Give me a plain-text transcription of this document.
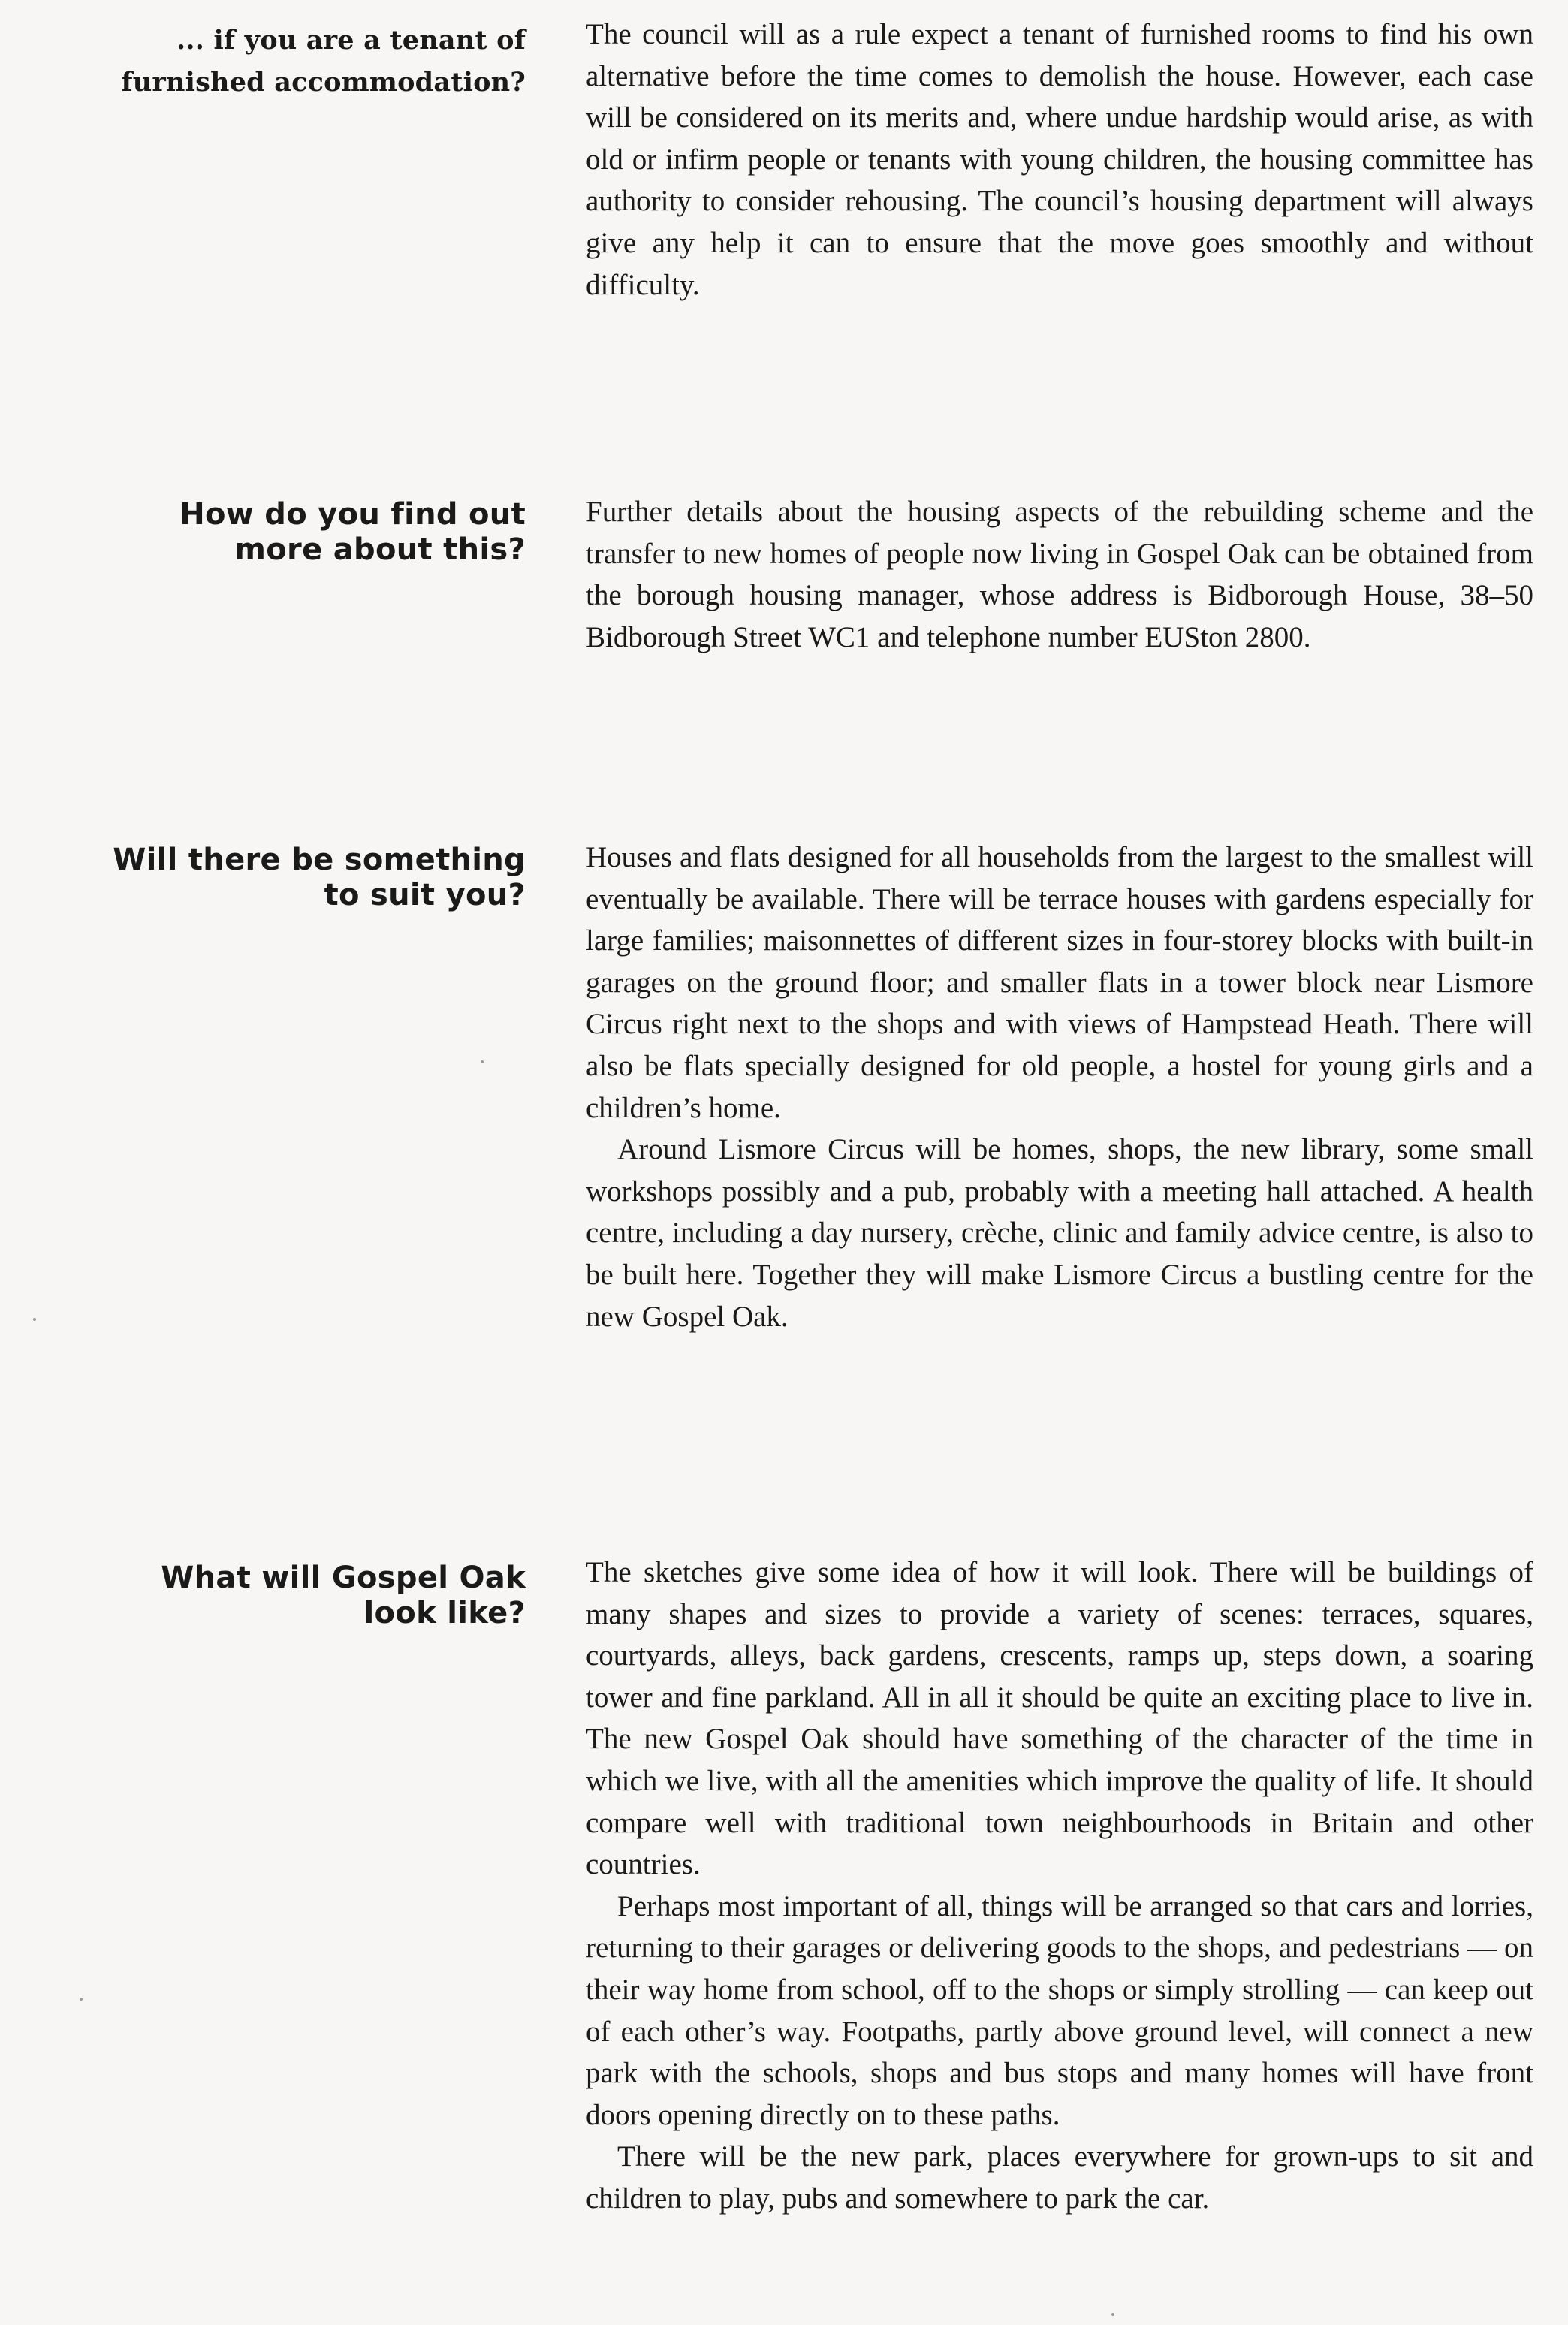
... if you are a tenant of
furnished accommodation?

The council will as a rule expect a tenant of furnished rooms to find his own alternative before the time comes to demolish the house. However, each case will be considered on its merits and, where undue hardship would arise, as with old or infirm people or tenants with young children, the housing committee has authority to consider rehousing. The council’s housing department will always give any help it can to ensure that the move goes smoothly and without difficulty.

How do you find out
more about this?

Further details about the housing aspects of the rebuilding scheme and the transfer to new homes of people now living in Gospel Oak can be obtained from the borough housing manager, whose address is Bidborough House, 38–50 Bidborough Street WC1 and telephone number EUSton 2800.

Will there be something
to suit you?

Houses and flats designed for all households from the largest to the smallest will eventually be available. There will be terrace houses with gardens especially for large families; maisonnettes of different sizes in four-storey blocks with built-in garages on the ground floor; and smaller flats in a tower block near Lismore Circus right next to the shops and with views of Hampstead Heath. There will also be flats specially designed for old people, a hostel for young girls and a children’s home.

Around Lismore Circus will be homes, shops, the new library, some small workshops possibly and a pub, probably with a meeting hall attached. A health centre, including a day nursery, crèche, clinic and family advice centre, is also to be built here. Together they will make Lismore Circus a bustling centre for the new Gospel Oak.

What will Gospel Oak
look like?

The sketches give some idea of how it will look. There will be buildings of many shapes and sizes to provide a variety of scenes: terraces, squares, courtyards, alleys, back gardens, crescents, ramps up, steps down, a soaring tower and fine parkland. All in all it should be quite an exciting place to live in. The new Gospel Oak should have something of the character of the time in which we live, with all the amenities which improve the quality of life. It should compare well with traditional town neighbourhoods in Britain and other countries.

Perhaps most important of all, things will be arranged so that cars and lorries, returning to their garages or delivering goods to the shops, and pedestrians — on their way home from school, off to the shops or simply strolling — can keep out of each other’s way. Footpaths, partly above ground level, will connect a new park with the schools, shops and bus stops and many homes will have front doors opening directly on to these paths.

There will be the new park, places everywhere for grown-ups to sit and children to play, pubs and somewhere to park the car.
